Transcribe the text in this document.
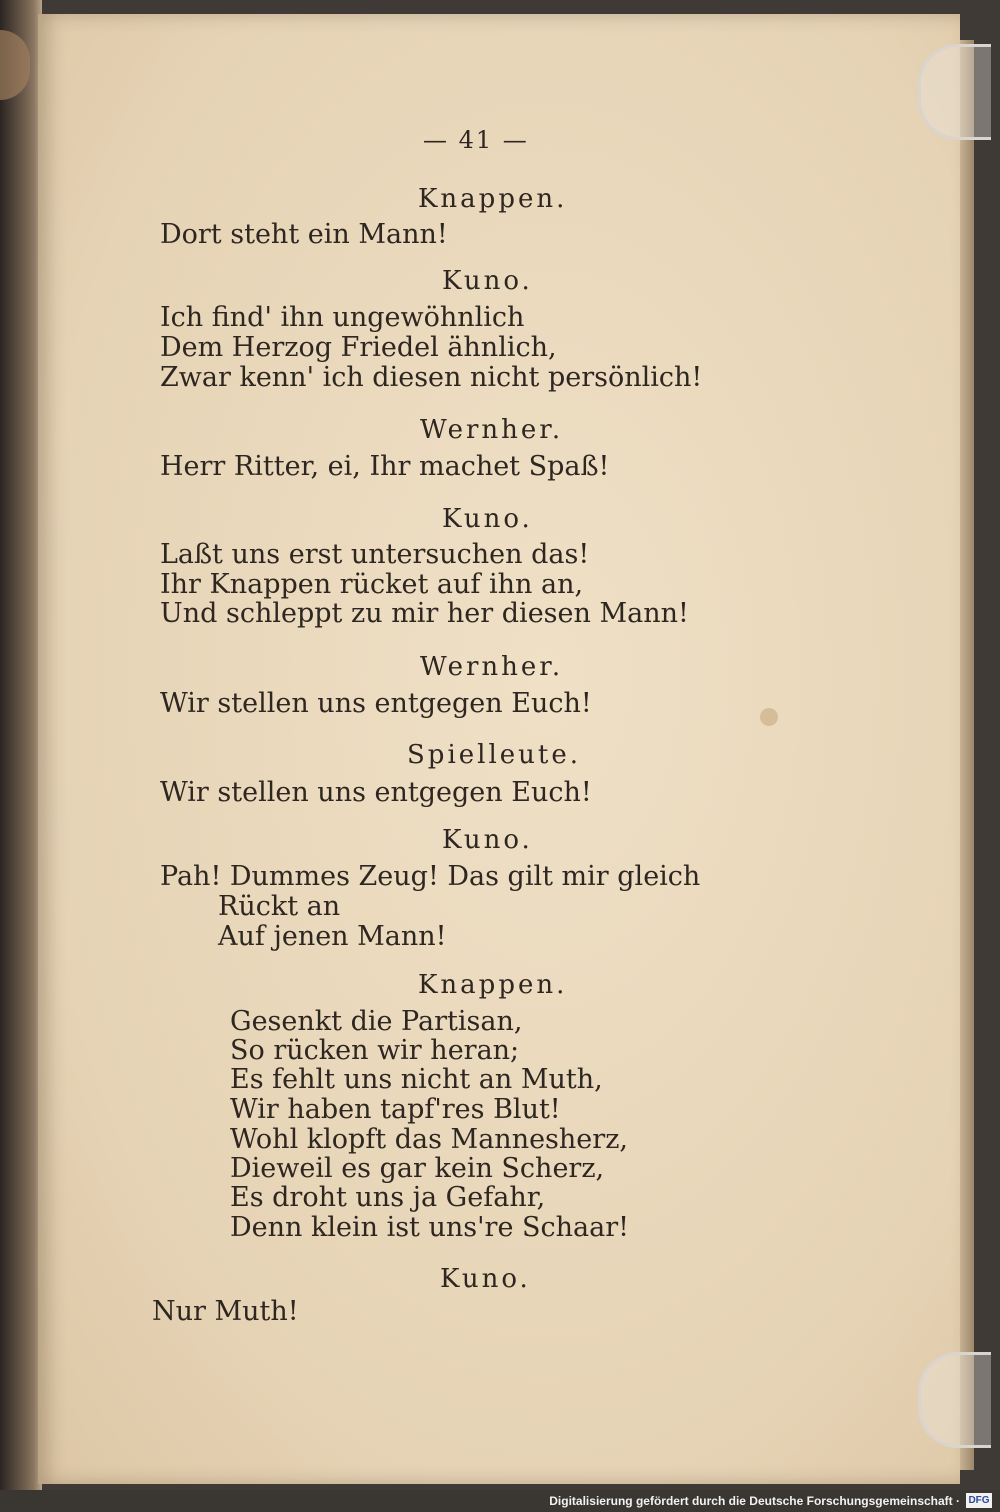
— 41 —
Knappen.
Dort steht ein Mann!
Kuno.
Ich find' ihn ungewöhnlich
Dem Herzog Friedel ähnlich,
Zwar kenn' ich diesen nicht persönlich!
Wernher.
Herr Ritter, ei, Ihr machet Spaß!
Kuno.
Laßt uns erst untersuchen das!
Ihr Knappen rücket auf ihn an,
Und schleppt zu mir her diesen Mann!
Wernher.
Wir stellen uns entgegen Euch!
Spielleute.
Wir stellen uns entgegen Euch!
Kuno.
Pah! Dummes Zeug! Das gilt mir gleich
Rückt an
Auf jenen Mann!
Knappen.
Gesenkt die Partisan,
So rücken wir heran;
Es fehlt uns nicht an Muth,
Wir haben tapf'res Blut!
Wohl klopft das Mannesherz,
Dieweil es gar kein Scherz,
Es droht uns ja Gefahr,
Denn klein ist uns're Schaar!
Kuno.
Nur Muth!
Digitalisierung gefördert durch die Deutsche Forschungsgemeinschaft · DFG
